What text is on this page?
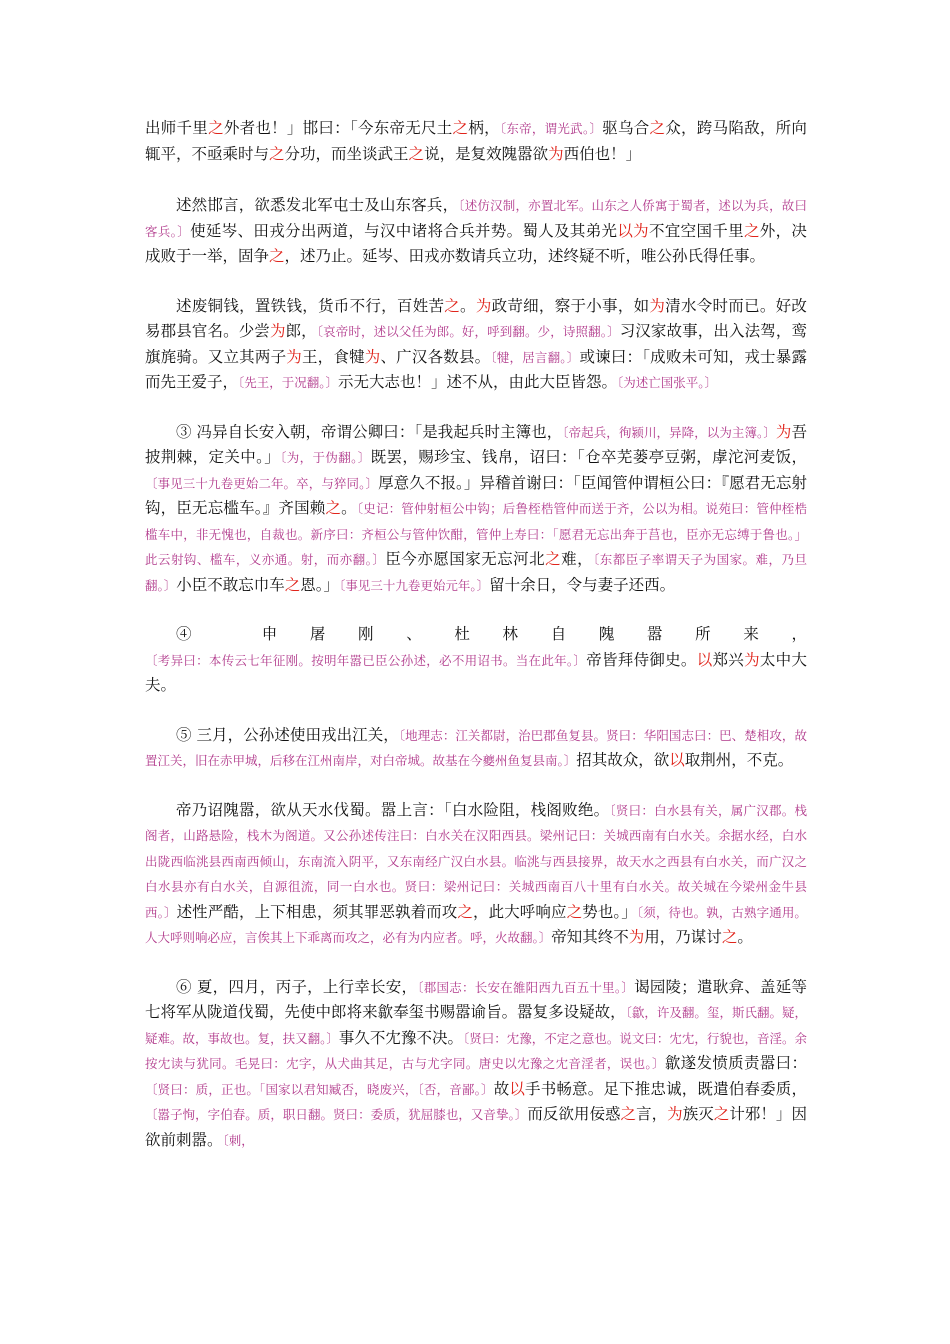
出师千里之外者也！」邯曰：「今东帝无尺土之柄，〔东帝，谓光武。〕驱乌合之众，跨马陷敌，所向辄平，不亟乘时与之分功，而坐谈武王之说，是复效隗嚣欲为西伯也！」

述然邯言，欲悉发北军屯士及山东客兵，〔述仿汉制，亦置北军。山东之人侨寓于蜀者，述以为兵，故曰客兵。〕使延岑、田戎分出两道，与汉中诸将合兵并势。蜀人及其弟光以为不宜空国千里之外，决成败于一举，固争之，述乃止。延岑、田戎亦数请兵立功，述终疑不听，唯公孙氏得任事。

述废铜钱，置铁钱，货币不行，百姓苦之。为政苛细，察于小事，如为清水令时而已。好改易郡县官名。少尝为郎，〔哀帝时，述以父任为郎。好，呼到翻。少，诗照翻。〕习汉家故事，出入法驾，鸾旗旄骑。又立其两子为王，食犍为、广汉各数县。〔犍，居言翻。〕或谏曰：「成败未可知，戎士暴露而先王爱子，〔先王，于况翻。〕示无大志也！」述不从，由此大臣皆怨。〔为述亡国张平。〕

③ 冯异自长安入朝，帝谓公卿曰：「是我起兵时主簿也，〔帝起兵，徇颍川，异降，以为主簿。〕为吾披荆棘，定关中。」〔为，于伪翻。〕既罢，赐珍宝、钱帛，诏曰：「仓卒芜蒌亭豆粥，虖沱河麦饭，〔事见三十九卷更始二年。卒，与猝同。〕厚意久不报。」异稽首谢曰：「臣闻管仲谓桓公曰：『愿君无忘射钩，臣无忘槛车。』齐国赖之。〔史记：管仲射桓公中钩；后鲁桎梏管仲而送于齐，公以为相。说苑曰：管仲桎梏槛车中，非无愧也，自裁也。新序曰：齐桓公与管仲饮酣，管仲上寿曰：「愿君无忘出奔于莒也，臣亦无忘缚于鲁也。」此云射钩、槛车，义亦通。射，而亦翻。〕臣今亦愿国家无忘河北之难，〔东都臣子率谓天子为国家。难，乃旦翻。〕小臣不敢忘巾车之恩。」〔事见三十九卷更始元年。〕留十余日，令与妻子还西。

④ 申屠刚、杜林自隗嚣所来，〔考异曰：本传云七年征刚。按明年嚣已臣公孙述，必不用诏书。当在此年。〕帝皆拜侍御史。以郑兴为太中大夫。

⑤ 三月，公孙述使田戎出江关，〔地理志：江关都尉，治巴郡鱼复县。贤曰：华阳国志曰：巴、楚相攻，故置江关，旧在赤甲城，后移在江州南岸，对白帝城。故基在今夔州鱼复县南。〕招其故众，欲以取荆州，不克。

帝乃诏隗嚣，欲从天水伐蜀。嚣上言：「白水险阻，栈阁败绝。〔贤曰：白水县有关，属广汉郡。栈阁者，山路悬险，栈木为阁道。又公孙述传注曰：白水关在汉阳西县。梁州记曰：关城西南有白水关。余据水经，白水出陇西临洮县西南西倾山，东南流入阴平，又东南经广汉白水县。临洮与西县接界，故天水之西县有白水关，而广汉之白水县亦有白水关，自源徂流，同一白水也。贤曰：梁州记曰：关城西南百八十里有白水关。故关城在今梁州金牛县西。〕述性严酷，上下相患，须其罪恶孰着而攻之，此大呼响应之势也。」〔须，待也。孰，古熟字通用。人大呼则响必应，言俟其上下乖离而攻之，必有为内应者。呼，火故翻。〕帝知其终不为用，乃谋讨之。

⑥ 夏，四月，丙子，上行幸长安，〔郡国志：长安在雒阳西九百五十里。〕谒园陵；遣耿弇、盖延等七将军从陇道伐蜀，先使中郎将来歙奉玺书赐嚣谕旨。嚣复多设疑故，〔歙，许及翻。玺，斯氏翻。疑，疑难。故，事故也。复，扶又翻。〕事久不冘豫不决。〔贤曰：冘豫，不定之意也。说文曰：冘冘，行貌也，音淫。余按冘读与犹同。毛晃曰：冘字，从犬曲其足，古与尤字同。唐史以冘豫之冘音淫者，误也。〕歙遂发愤质责嚣曰：〔贤曰：质，正也。「国家以君知臧否，晓废兴，〔否，音鄙。〕故以手书畅意。足下推忠诚，既遣伯春委质，〔嚣子恂，字伯春。质，职日翻。贤曰：委质，犹屈膝也，又音挚。〕而反欲用佞惑之言，为族灭之计邪！」因欲前刺嚣。〔刺，
